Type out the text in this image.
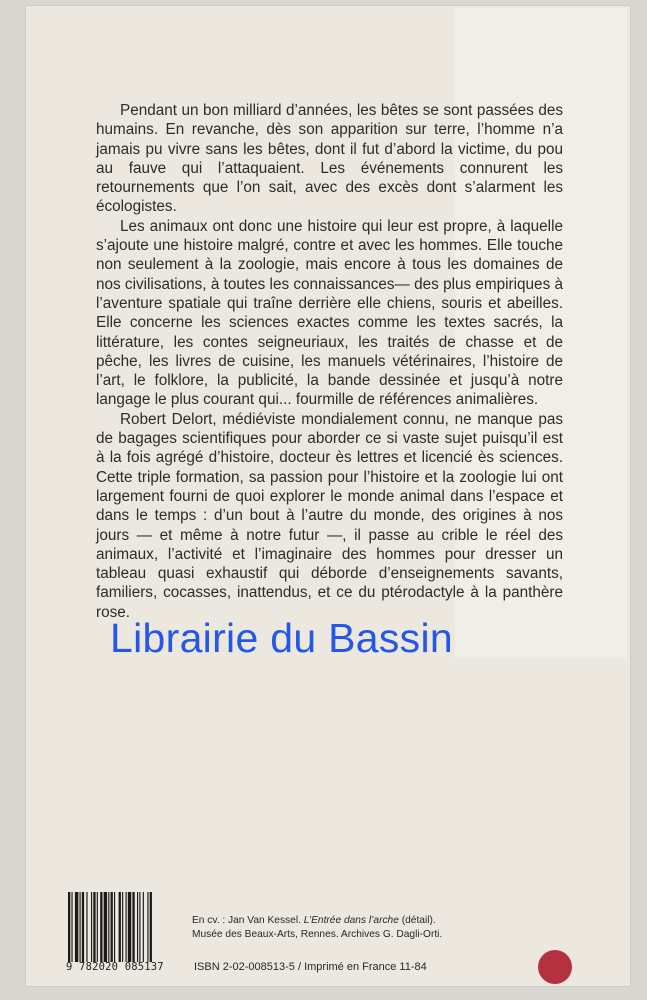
Pendant un bon milliard d’années, les bêtes se sont passées des humains. En revanche, dès son apparition sur terre, l’homme n’a jamais pu vivre sans les bêtes, dont il fut d’abord la victime, du pou au fauve qui l’attaquaient. Les événements connurent les retournements que l’on sait, avec des excès dont s’alarment les écologistes.

Les animaux ont donc une histoire qui leur est propre, à laquelle s’ajoute une histoire malgré, contre et avec les hommes. Elle touche non seulement à la zoologie, mais encore à tous les domaines de nos civilisations, à toutes les connaissances— des plus empiriques à l’aventure spatiale qui traîne derrière elle chiens, souris et abeilles. Elle concerne les sciences exactes comme les textes sacrés, la littérature, les contes seigneuriaux, les traités de chasse et de pêche, les livres de cuisine, les manuels vétérinaires, l’histoire de l’art, le folklore, la publicité, la bande dessinée et jusqu’à notre langage le plus courant qui... fourmille de références animalières.

Robert Delort, médiéviste mondialement connu, ne manque pas de bagages scientifiques pour aborder ce si vaste sujet puisqu’il est à la fois agrégé d’histoire, docteur ès lettres et licencié ès sciences. Cette triple formation, sa passion pour l’histoire et la zoologie lui ont largement fourni de quoi explorer le monde animal dans l’espace et dans le temps : d’un bout à l’autre du monde, des origines à nos jours — et même à notre futur —, il passe au crible le réel des animaux, l’activité et l’imaginaire des hommes pour dresser un tableau quasi exhaustif qui déborde d’enseignements savants, familiers, cocasses, inattendus, et ce du ptérodactyle à la panthère rose.

Librairie du Bassin
9 782020 085137
En cv. : Jan Van Kessel. L’Entrée dans l’arche (détail).
Musée des Beaux-Arts, Rennes. Archives G. Dagli-Orti.
ISBN 2-02-008513-5 / Imprimé en France 11-84
